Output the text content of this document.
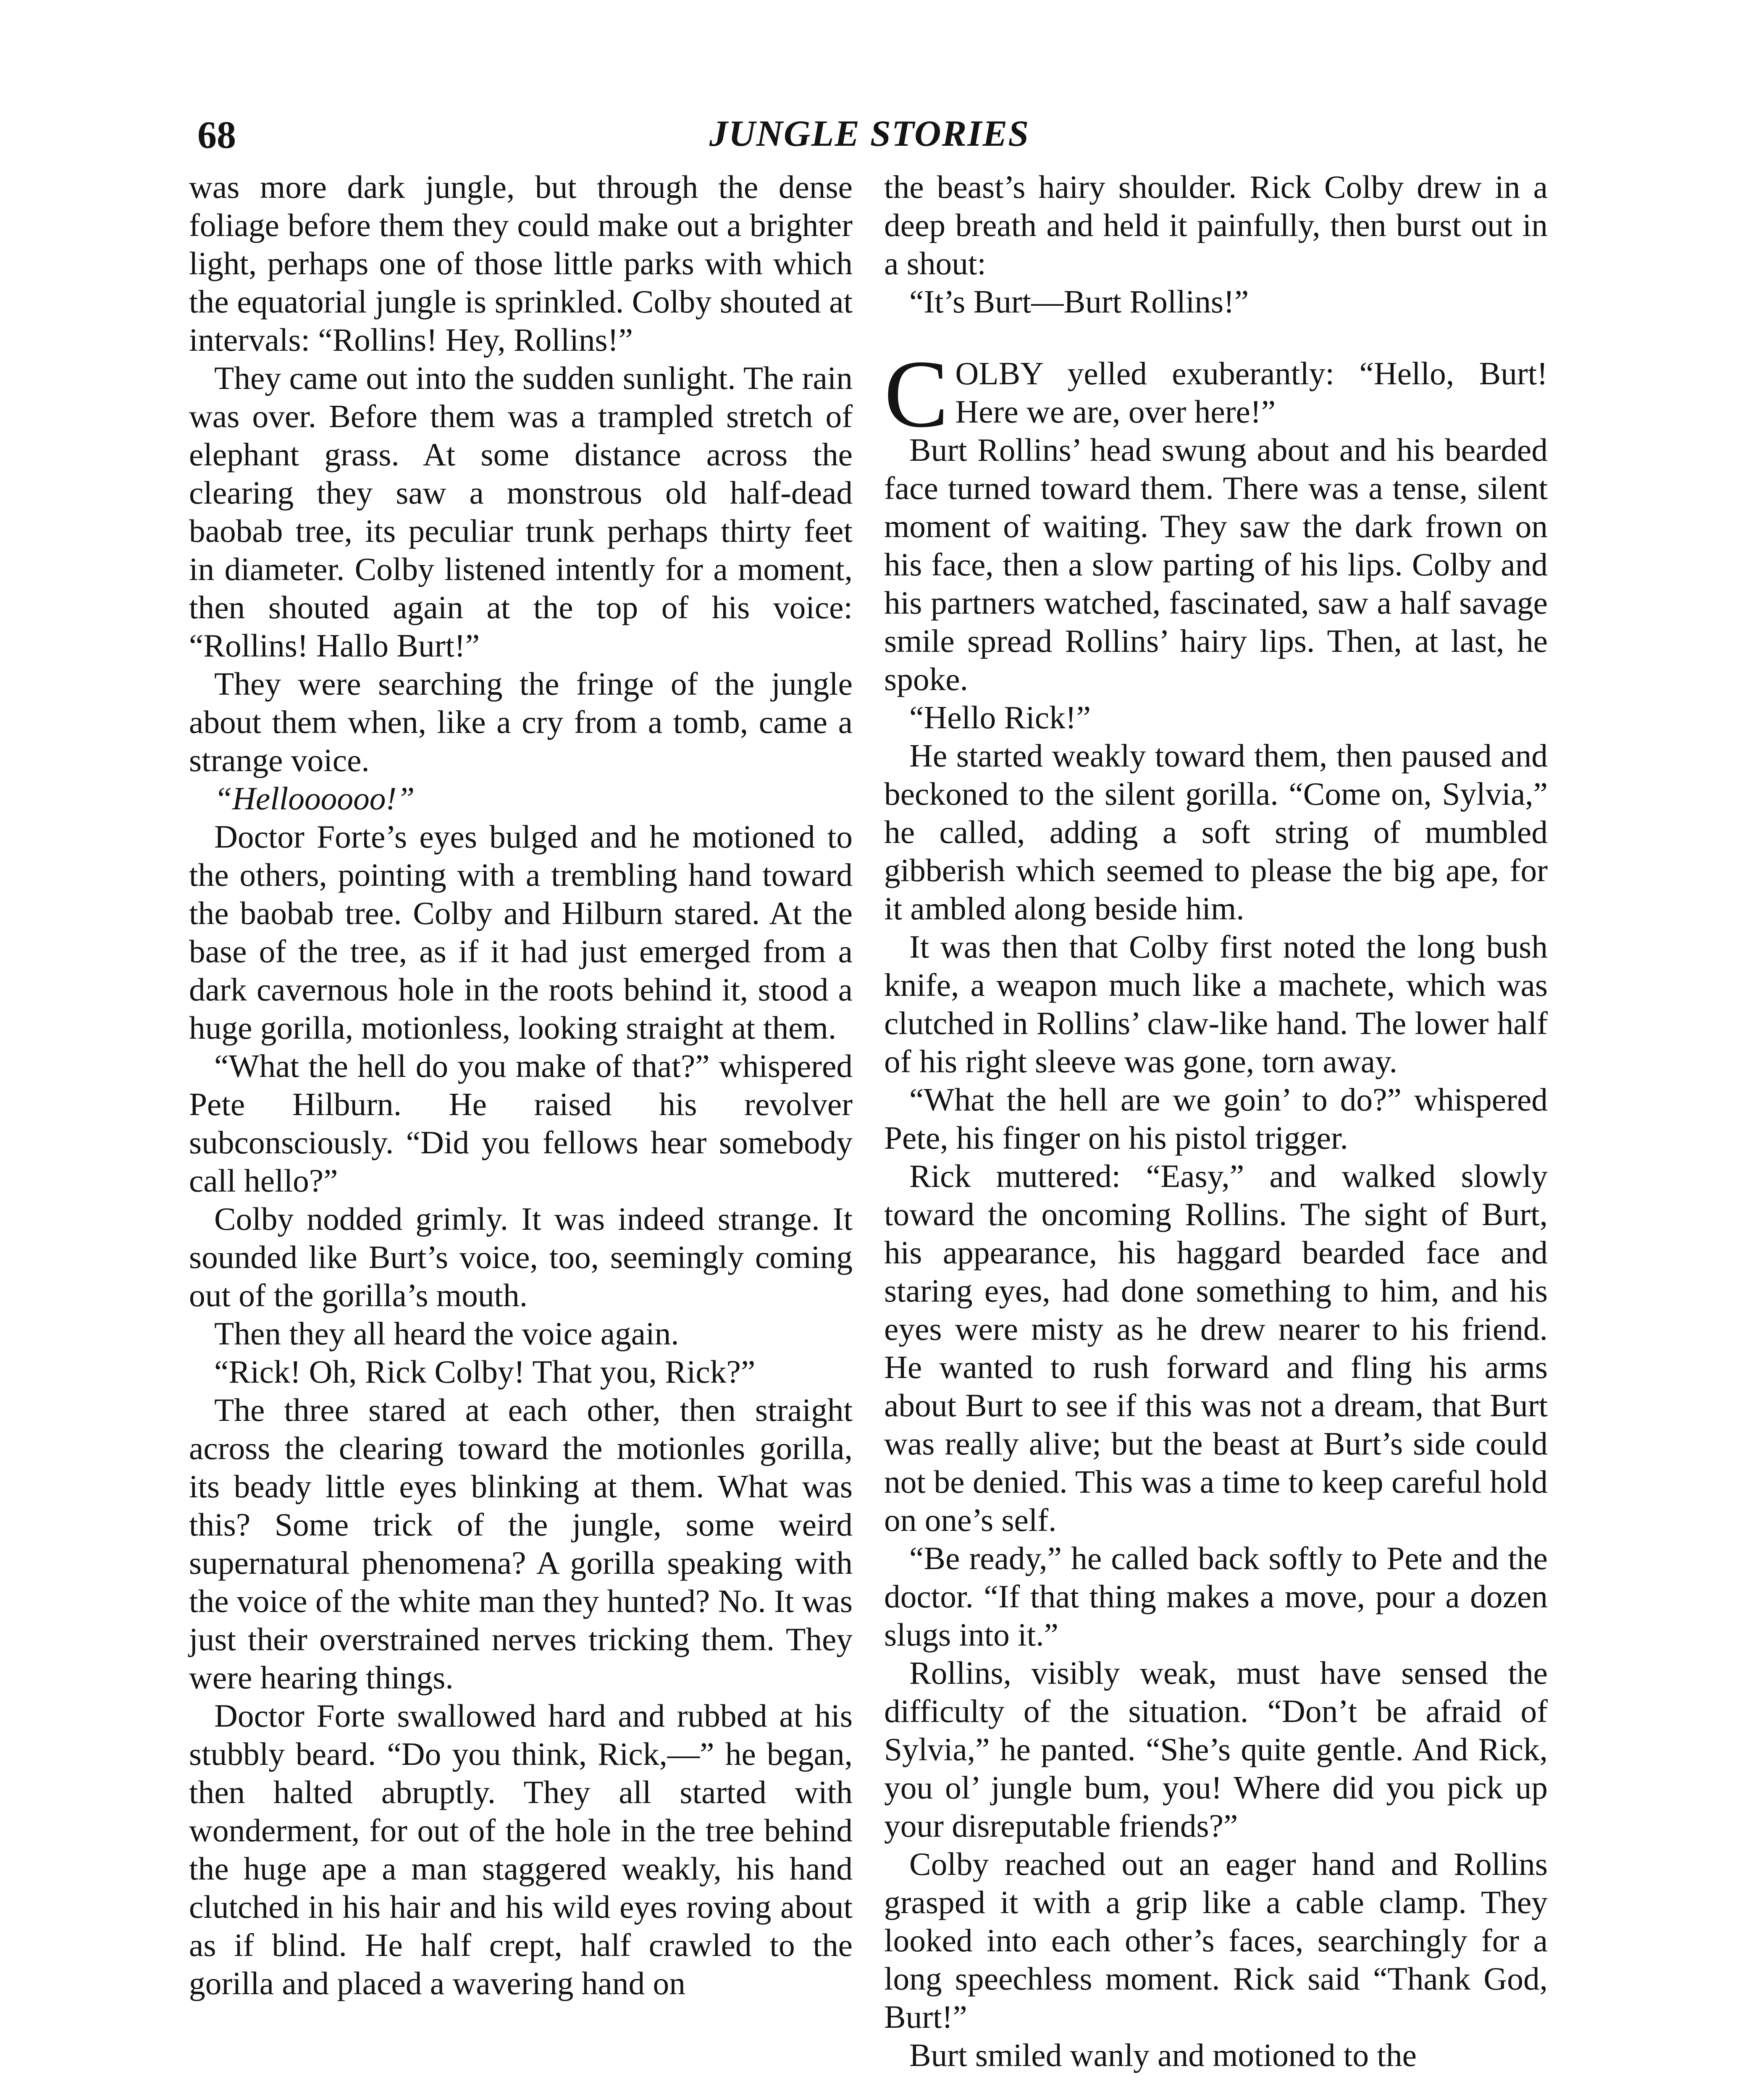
68	JUNGLE STORIES

was more dark jungle, but through the dense foliage before them they could make out a brighter light, perhaps one of those little parks with which the equatorial jungle is sprinkled. Colby shouted at intervals: “Rollins! Hey, Rollins!”

They came out into the sudden sunlight. The rain was over. Before them was a trampled stretch of elephant grass. At some distance across the clearing they saw a monstrous old half-dead baobab tree, its peculiar trunk perhaps thirty feet in diameter. Colby listened intently for a moment, then shouted again at the top of his voice: “Rollins! Hallo Burt!”

They were searching the fringe of the jungle about them when, like a cry from a tomb, came a strange voice.

“Helloooooo!”

Doctor Forte’s eyes bulged and he motioned to the others, pointing with a trembling hand toward the baobab tree. Colby and Hilburn stared. At the base of the tree, as if it had just emerged from a dark cavernous hole in the roots behind it, stood a huge gorilla, motionless, looking straight at them.

“What the hell do you make of that?” whispered Pete Hilburn. He raised his revolver subconsciously. “Did you fellows hear somebody call hello?”

Colby nodded grimly. It was indeed strange. It sounded like Burt’s voice, too, seemingly coming out of the gorilla’s mouth.

Then they all heard the voice again.

“Rick! Oh, Rick Colby! That you, Rick?”

The three stared at each other, then straight across the clearing toward the motionles gorilla, its beady little eyes blinking at them. What was this? Some trick of the jungle, some weird supernatural phenomena? A gorilla speaking with the voice of the white man they hunted? No. It was just their overstrained nerves tricking them. They were hearing things.

Doctor Forte swallowed hard and rubbed at his stubbly beard. “Do you think, Rick,—” he began, then halted abruptly. They all started with wonderment, for out of the hole in the tree behind the huge ape a man staggered weakly, his hand clutched in his hair and his wild eyes roving about as if blind. He half crept, half crawled to the gorilla and placed a wavering hand on

the beast’s hairy shoulder. Rick Colby drew in a deep breath and held it painfully, then burst out in a shout:

“It’s Burt—Burt Rollins!”

COLBY yelled exuberantly: “Hello, Burt! Here we are, over here!”

Burt Rollins’ head swung about and his bearded face turned toward them. There was a tense, silent moment of waiting. They saw the dark frown on his face, then a slow parting of his lips. Colby and his partners watched, fascinated, saw a half savage smile spread Rollins’ hairy lips. Then, at last, he spoke.

“Hello Rick!”

He started weakly toward them, then paused and beckoned to the silent gorilla. “Come on, Sylvia,” he called, adding a soft string of mumbled gibberish which seemed to please the big ape, for it ambled along beside him.

It was then that Colby first noted the long bush knife, a weapon much like a machete, which was clutched in Rollins’ claw-like hand. The lower half of his right sleeve was gone, torn away.

“What the hell are we goin’ to do?” whispered Pete, his finger on his pistol trigger.

Rick muttered: “Easy,” and walked slowly toward the oncoming Rollins. The sight of Burt, his appearance, his haggard bearded face and staring eyes, had done something to him, and his eyes were misty as he drew nearer to his friend. He wanted to rush forward and fling his arms about Burt to see if this was not a dream, that Burt was really alive; but the beast at Burt’s side could not be denied. This was a time to keep careful hold on one’s self.

“Be ready,” he called back softly to Pete and the doctor. “If that thing makes a move, pour a dozen slugs into it.”

Rollins, visibly weak, must have sensed the difficulty of the situation. “Don’t be afraid of Sylvia,” he panted. “She’s quite gentle. And Rick, you ol’ jungle bum, you! Where did you pick up your disreputable friends?”

Colby reached out an eager hand and Rollins grasped it with a grip like a cable clamp. They looked into each other’s faces, searchingly for a long speechless moment. Rick said “Thank God, Burt!”

Burt smiled wanly and motioned to the
